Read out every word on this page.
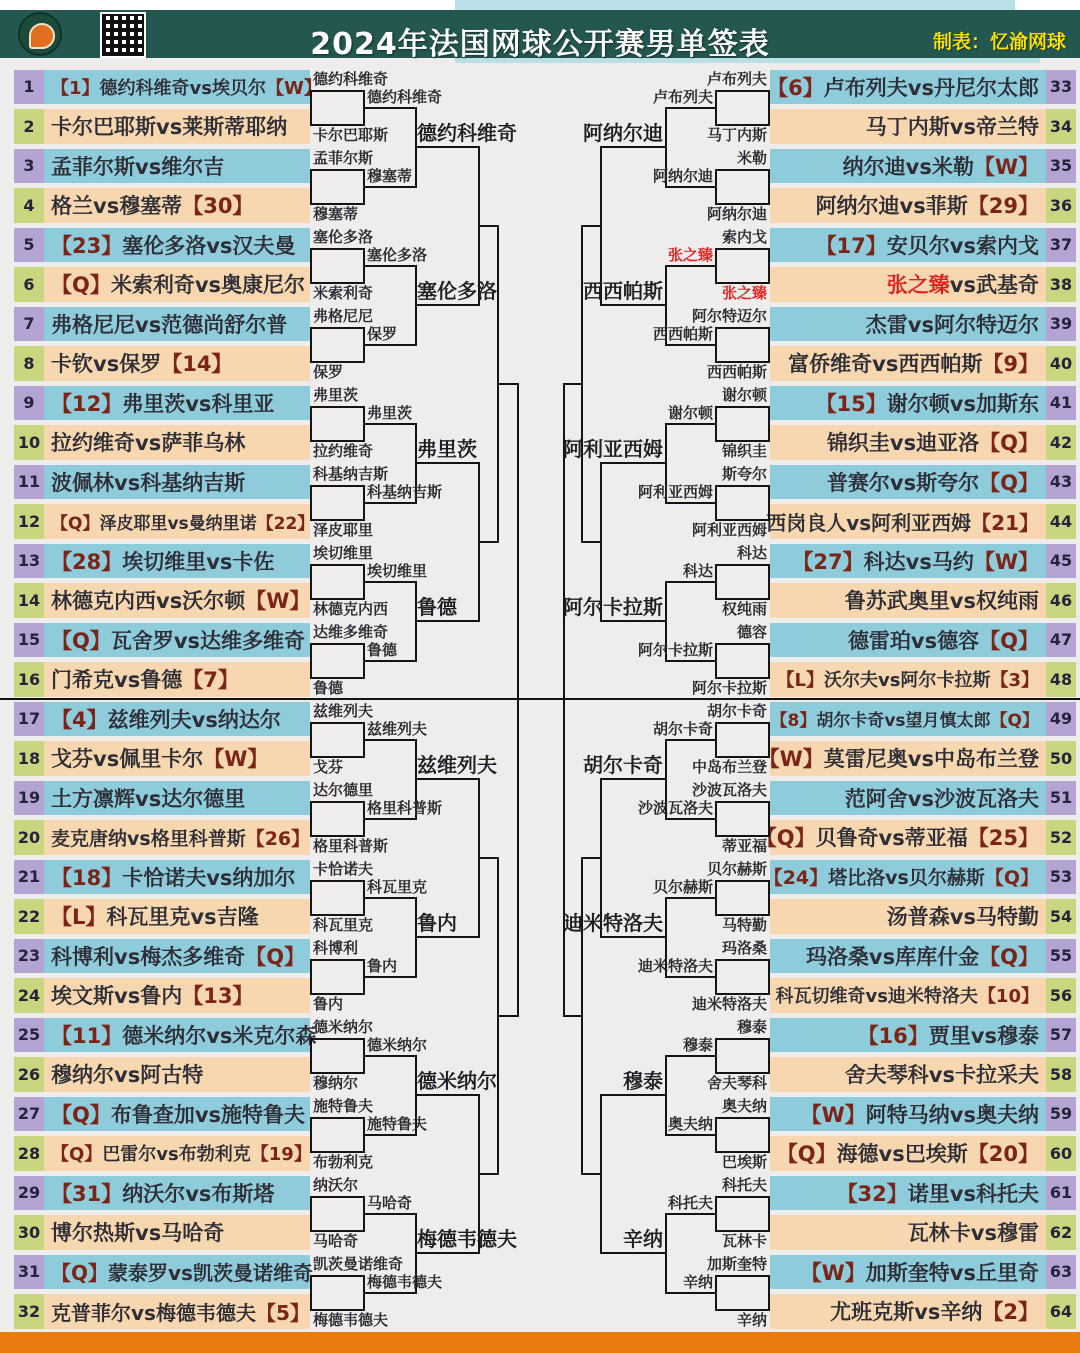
2024年法国网球公开赛男单签表	制表：忆渝网球
1 【1】 德约科维奇vs埃贝尔 【W】
2 卡尔巴耶斯vs莱斯蒂耶纳
3 孟菲尔斯vs维尔吉
4 格兰vs穆塞蒂 【30】
5 【23】 塞伦多洛vs汉夫曼
6 【Q】 米索利奇vs奥康尼尔
7 弗格尼尼vs范德尚舒尔普
8 卡钦vs保罗 【14】
9 【12】 弗里茨vs科里亚
10 拉约维奇vs萨菲乌林
11 波佩林vs科基纳吉斯
12 【Q】 泽皮耶里vs曼纳里诺 【22】
13 【28】 埃切维里vs卡佐
14 林德克内西vs沃尔顿 【W】
15 【Q】 瓦舍罗vs达维多维奇
16 门希克vs鲁德 【7】
17 【4】 兹维列夫vs纳达尔
18 戈芬vs佩里卡尔 【W】
19 土方凛辉vs达尔德里
20 麦克唐纳vs格里科普斯 【26】
21 【18】 卡恰诺夫vs纳加尔
22 【L】 科瓦里克vs吉隆
23 科博利vs梅杰多维奇 【Q】
24 埃文斯vs鲁内 【13】
25 【11】 德米纳尔vs米克尔森
26 穆纳尔vs阿古特
27 【Q】 布鲁查加vs施特鲁夫
28 【Q】 巴雷尔vs布勃利克 【19】
29 【31】 纳沃尔vs布斯塔
30 博尔热斯vs马哈奇
31 【Q】 蒙泰罗vs凯茨曼诺维奇
32 克普菲尔vs梅德韦德夫 【5】
33
【6】 卢布列夫vs丹尼尔太郎
34
马丁内斯vs帝兰特
35
纳尔迪vs米勒 【W】
36
阿纳尔迪vs菲斯 【29】
37
【17】 安贝尔vs索内戈
38
张之臻 vs武基奇
39
杰雷vs阿尔特迈尔
40
富侨维奇vs西西帕斯 【9】
41
【15】 谢尔顿vs加斯东
42
锦织圭vs迪亚洛 【Q】
43
普赛尔vs斯夸尔 【Q】
44
西岗良人vs阿利亚西姆 【21】
45
【27】 科达vs马约 【W】
46
鲁苏武奥里vs权纯雨
47
德雷珀vs德容 【Q】
48
【L】 沃尔夫vs阿尔卡拉斯 【3】
49
【8】 胡尔卡奇vs望月慎太郎 【Q】
50
【W】 莫雷尼奥vs中岛布兰登
51
范阿舍vs沙波瓦洛夫
52
【Q】 贝鲁奇vs蒂亚福 【25】
53
【24】 塔比洛vs贝尔赫斯 【Q】
54
汤普森vs马特勤
55
玛洛桑vs库库什金 【Q】
56
科瓦切维奇vs迪米特洛夫 【10】
57
【16】 贾里vs穆泰
58
舍夫琴科vs卡拉采夫
59
【W】 阿特马纳vs奥夫纳
60
【Q】 海德vs巴埃斯 【20】
61
【32】 诺里vs科托夫
62
瓦林卡vs穆雷
63
【W】 加斯奎特vs丘里奇
64
尤班克斯vs辛纳 【2】
德约科维奇
卡尔巴耶斯
孟菲尔斯
穆塞蒂
塞伦多洛
米索利奇
弗格尼尼
保罗
弗里茨
拉约维奇
科基纳吉斯
泽皮耶里
埃切维里
林德克内西
达维多维奇
鲁德
兹维列夫
戈芬
达尔德里
格里科普斯
卡恰诺夫
科瓦里克
科博利
鲁内
德米纳尔
穆纳尔
施特鲁夫
布勃利克
纳沃尔
马哈奇
凯茨曼诺维奇
梅德韦德夫
德约科维奇
穆塞蒂
塞伦多洛
保罗
弗里茨
科基纳吉斯
埃切维里
鲁德
兹维列夫
格里科普斯
科瓦里克
鲁内
德米纳尔
施特鲁夫
马哈奇
梅德韦德夫
德约科维奇
塞伦多洛
弗里茨
鲁德
兹维列夫
鲁内
德米纳尔
梅德韦德夫
卢布列夫
马丁内斯
米勒
阿纳尔迪
索内戈
张之臻
阿尔特迈尔
西西帕斯
谢尔顿
锦织圭
斯夸尔
阿利亚西姆
科达
权纯雨
德容
阿尔卡拉斯
胡尔卡奇
中岛布兰登
沙波瓦洛夫
蒂亚福
贝尔赫斯
马特勤
玛洛桑
迪米特洛夫
穆泰
舍夫琴科
奥夫纳
巴埃斯
科托夫
瓦林卡
加斯奎特
辛纳
卢布列夫
阿纳尔迪
张之臻
西西帕斯
谢尔顿
阿利亚西姆
科达
阿尔卡拉斯
胡尔卡奇
沙波瓦洛夫
贝尔赫斯
迪米特洛夫
穆泰
奥夫纳
科托夫
辛纳
阿纳尔迪
西西帕斯
阿利亚西姆
阿尔卡拉斯
胡尔卡奇
迪米特洛夫
穆泰
辛纳
